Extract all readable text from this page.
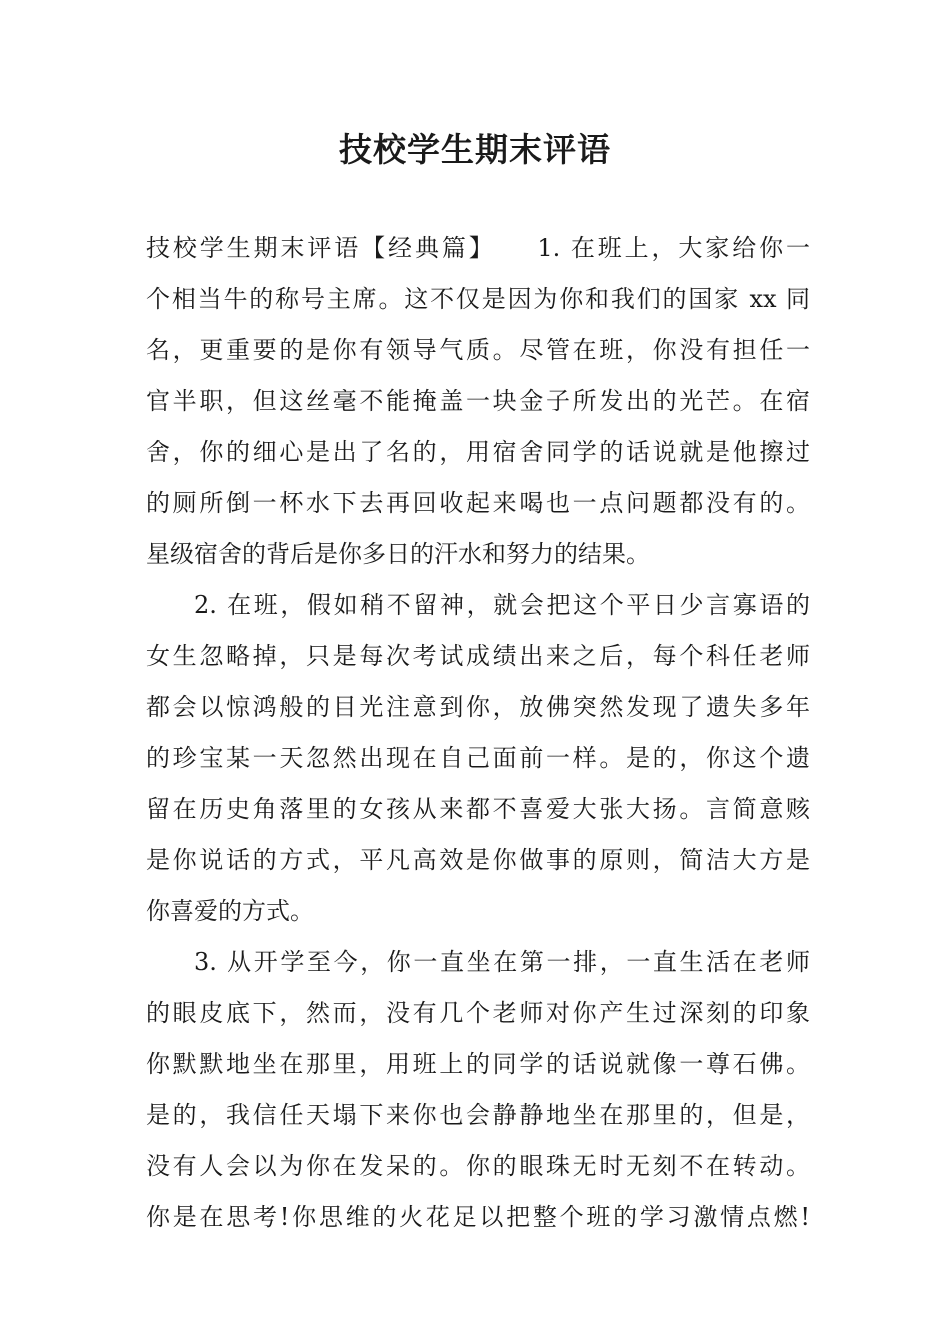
技校学生期末评语

技校学生期末评语【经典篇】　　1. 在班上，大家给你一

个相当牛的称号主席。这不仅是因为你和我们的国家 xx 同

名，更重要的是你有领导气质。尽管在班，你没有担任一

官半职，但这丝毫不能掩盖一块金子所发出的光芒。在宿

舍，你的细心是出了名的，用宿舍同学的话说就是他擦过

的厕所倒一杯水下去再回收起来喝也一点问题都没有的。

星级宿舍的背后是你多日的汗水和努力的结果。

2. 在班，假如稍不留神，就会把这个平日少言寡语的

女生忽略掉，只是每次考试成绩出来之后，每个科任老师

都会以惊鸿般的目光注意到你，放佛突然发现了遗失多年

的珍宝某一天忽然出现在自己面前一样。是的，你这个遗

留在历史角落里的女孩从来都不喜爱大张大扬。言简意赅

是你说话的方式，平凡高效是你做事的原则，简洁大方是

你喜爱的方式。

3. 从开学至今，你一直坐在第一排，一直生活在老师

的眼皮底下，然而，没有几个老师对你产生过深刻的印象

你默默地坐在那里，用班上的同学的话说就像一尊石佛。

是的，我信任天塌下来你也会静静地坐在那里的，但是，

没有人会以为你在发呆的。你的眼珠无时无刻不在转动。

你是在思考!你思维的火花足以把整个班的学习激情点燃!
